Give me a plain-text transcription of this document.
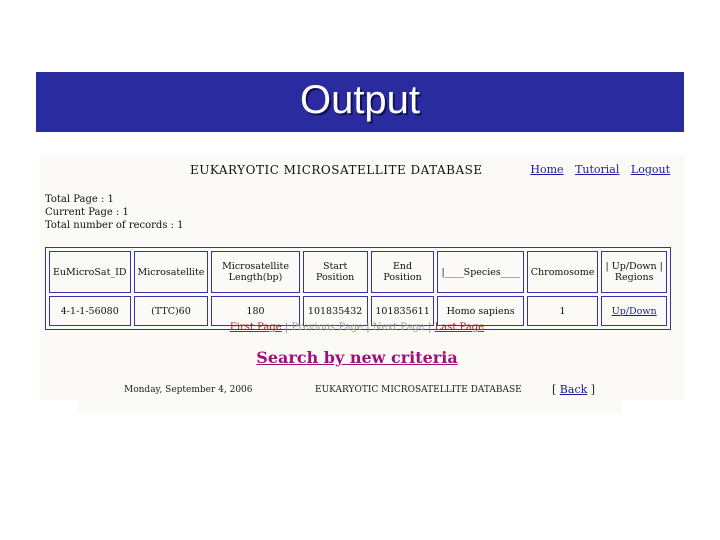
Output
EUKARYOTIC MICROSATELLITE DATABASE	Home Tutorial Logout
Total Page : 1
Current Page : 1
Total number of records : 1
EuMicroSat_ID	Microsatellite	Microsatellite Length(bp)	Start Position	End Position	|____Species____	Chromosome	| Up/Down | Regions
4-1-1-56080	(TTC)60	180	101835432	101835611	Homo sapiens	1	Up/Down
First Page | Previous Page | Next Page | Last Page
Search by new criteria
Monday, September 4, 2006	EUKARYOTIC MICROSATELLITE DATABASE	[ Back ]
